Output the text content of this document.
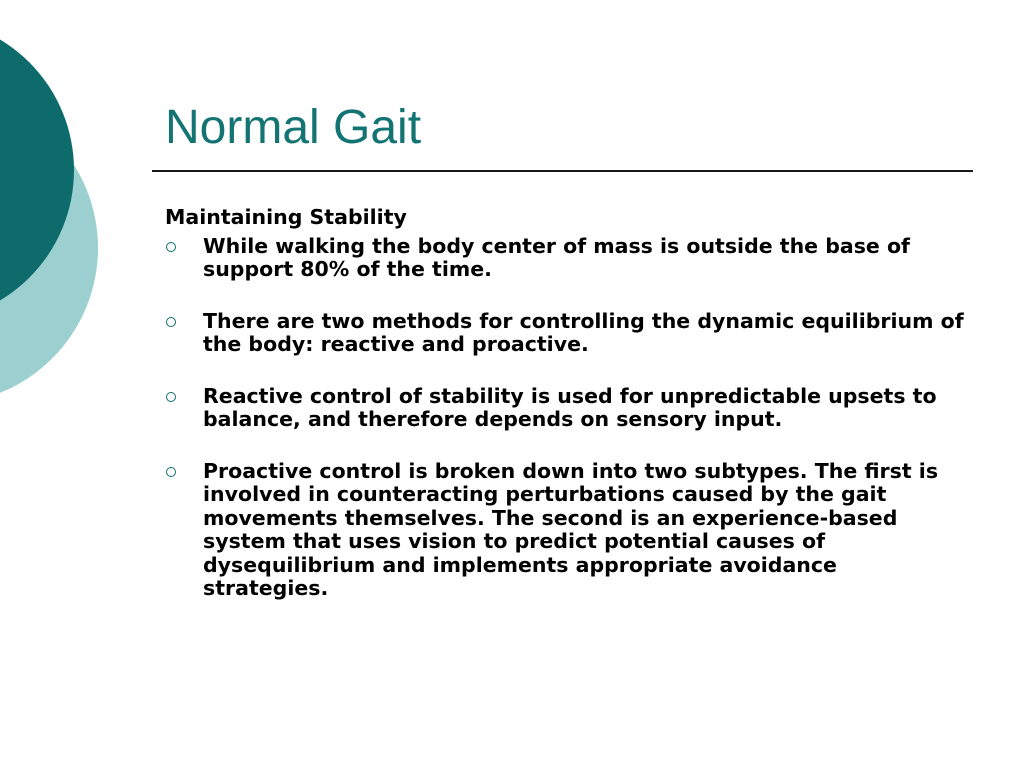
Normal Gait
Maintaining Stability
While walking the body center of mass is outside the base of support 80% of the time.
There are two methods for controlling the dynamic equilibrium of the body: reactive and proactive.
Reactive control of stability is used for unpredictable upsets to balance, and therefore depends on sensory input.
Proactive control is broken down into two subtypes. The first is involved in counteracting perturbations caused by the gait movements themselves. The second is an experience-based system that uses vision to predict potential causes of dysequilibrium and implements appropriate avoidance strategies.
